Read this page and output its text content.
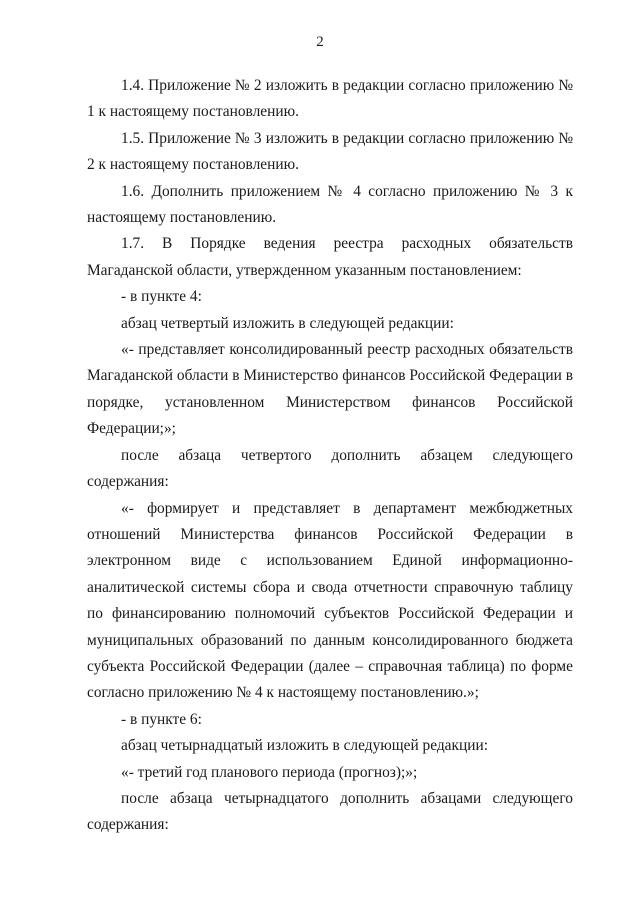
2

1.4. Приложение № 2 изложить в редакции согласно приложению № 1 к настоящему постановлению.

1.5. Приложение № 3 изложить в редакции согласно приложению № 2 к настоящему постановлению.

1.6. Дополнить приложением № 4 согласно приложению № 3 к настоящему постановлению.

1.7. В Порядке ведения реестра расходных обязательств Магаданской области, утвержденном указанным постановлением:

- в пункте 4:

абзац четвертый изложить в следующей редакции:

«- представляет консолидированный реестр расходных обязательств Магаданской области в Министерство финансов Российской Федерации в порядке, установленном Министерством финансов Российской Федерации;»;

после абзаца четвертого дополнить абзацем следующего содержания:

«- формирует и представляет в департамент межбюджетных отношений Министерства финансов Российской Федерации в электронном виде с использованием Единой информационно-аналитической системы сбора и свода отчетности справочную таблицу по финансированию полномочий субъектов Российской Федерации и муниципальных образований по данным консолидированного бюджета субъекта Российской Федерации (далее – справочная таблица) по форме согласно приложению № 4 к настоящему постановлению.»;

- в пункте 6:

абзац четырнадцатый изложить в следующей редакции:

«- третий год планового периода (прогноз);»;

после абзаца четырнадцатого дополнить абзацами следующего содержания:
